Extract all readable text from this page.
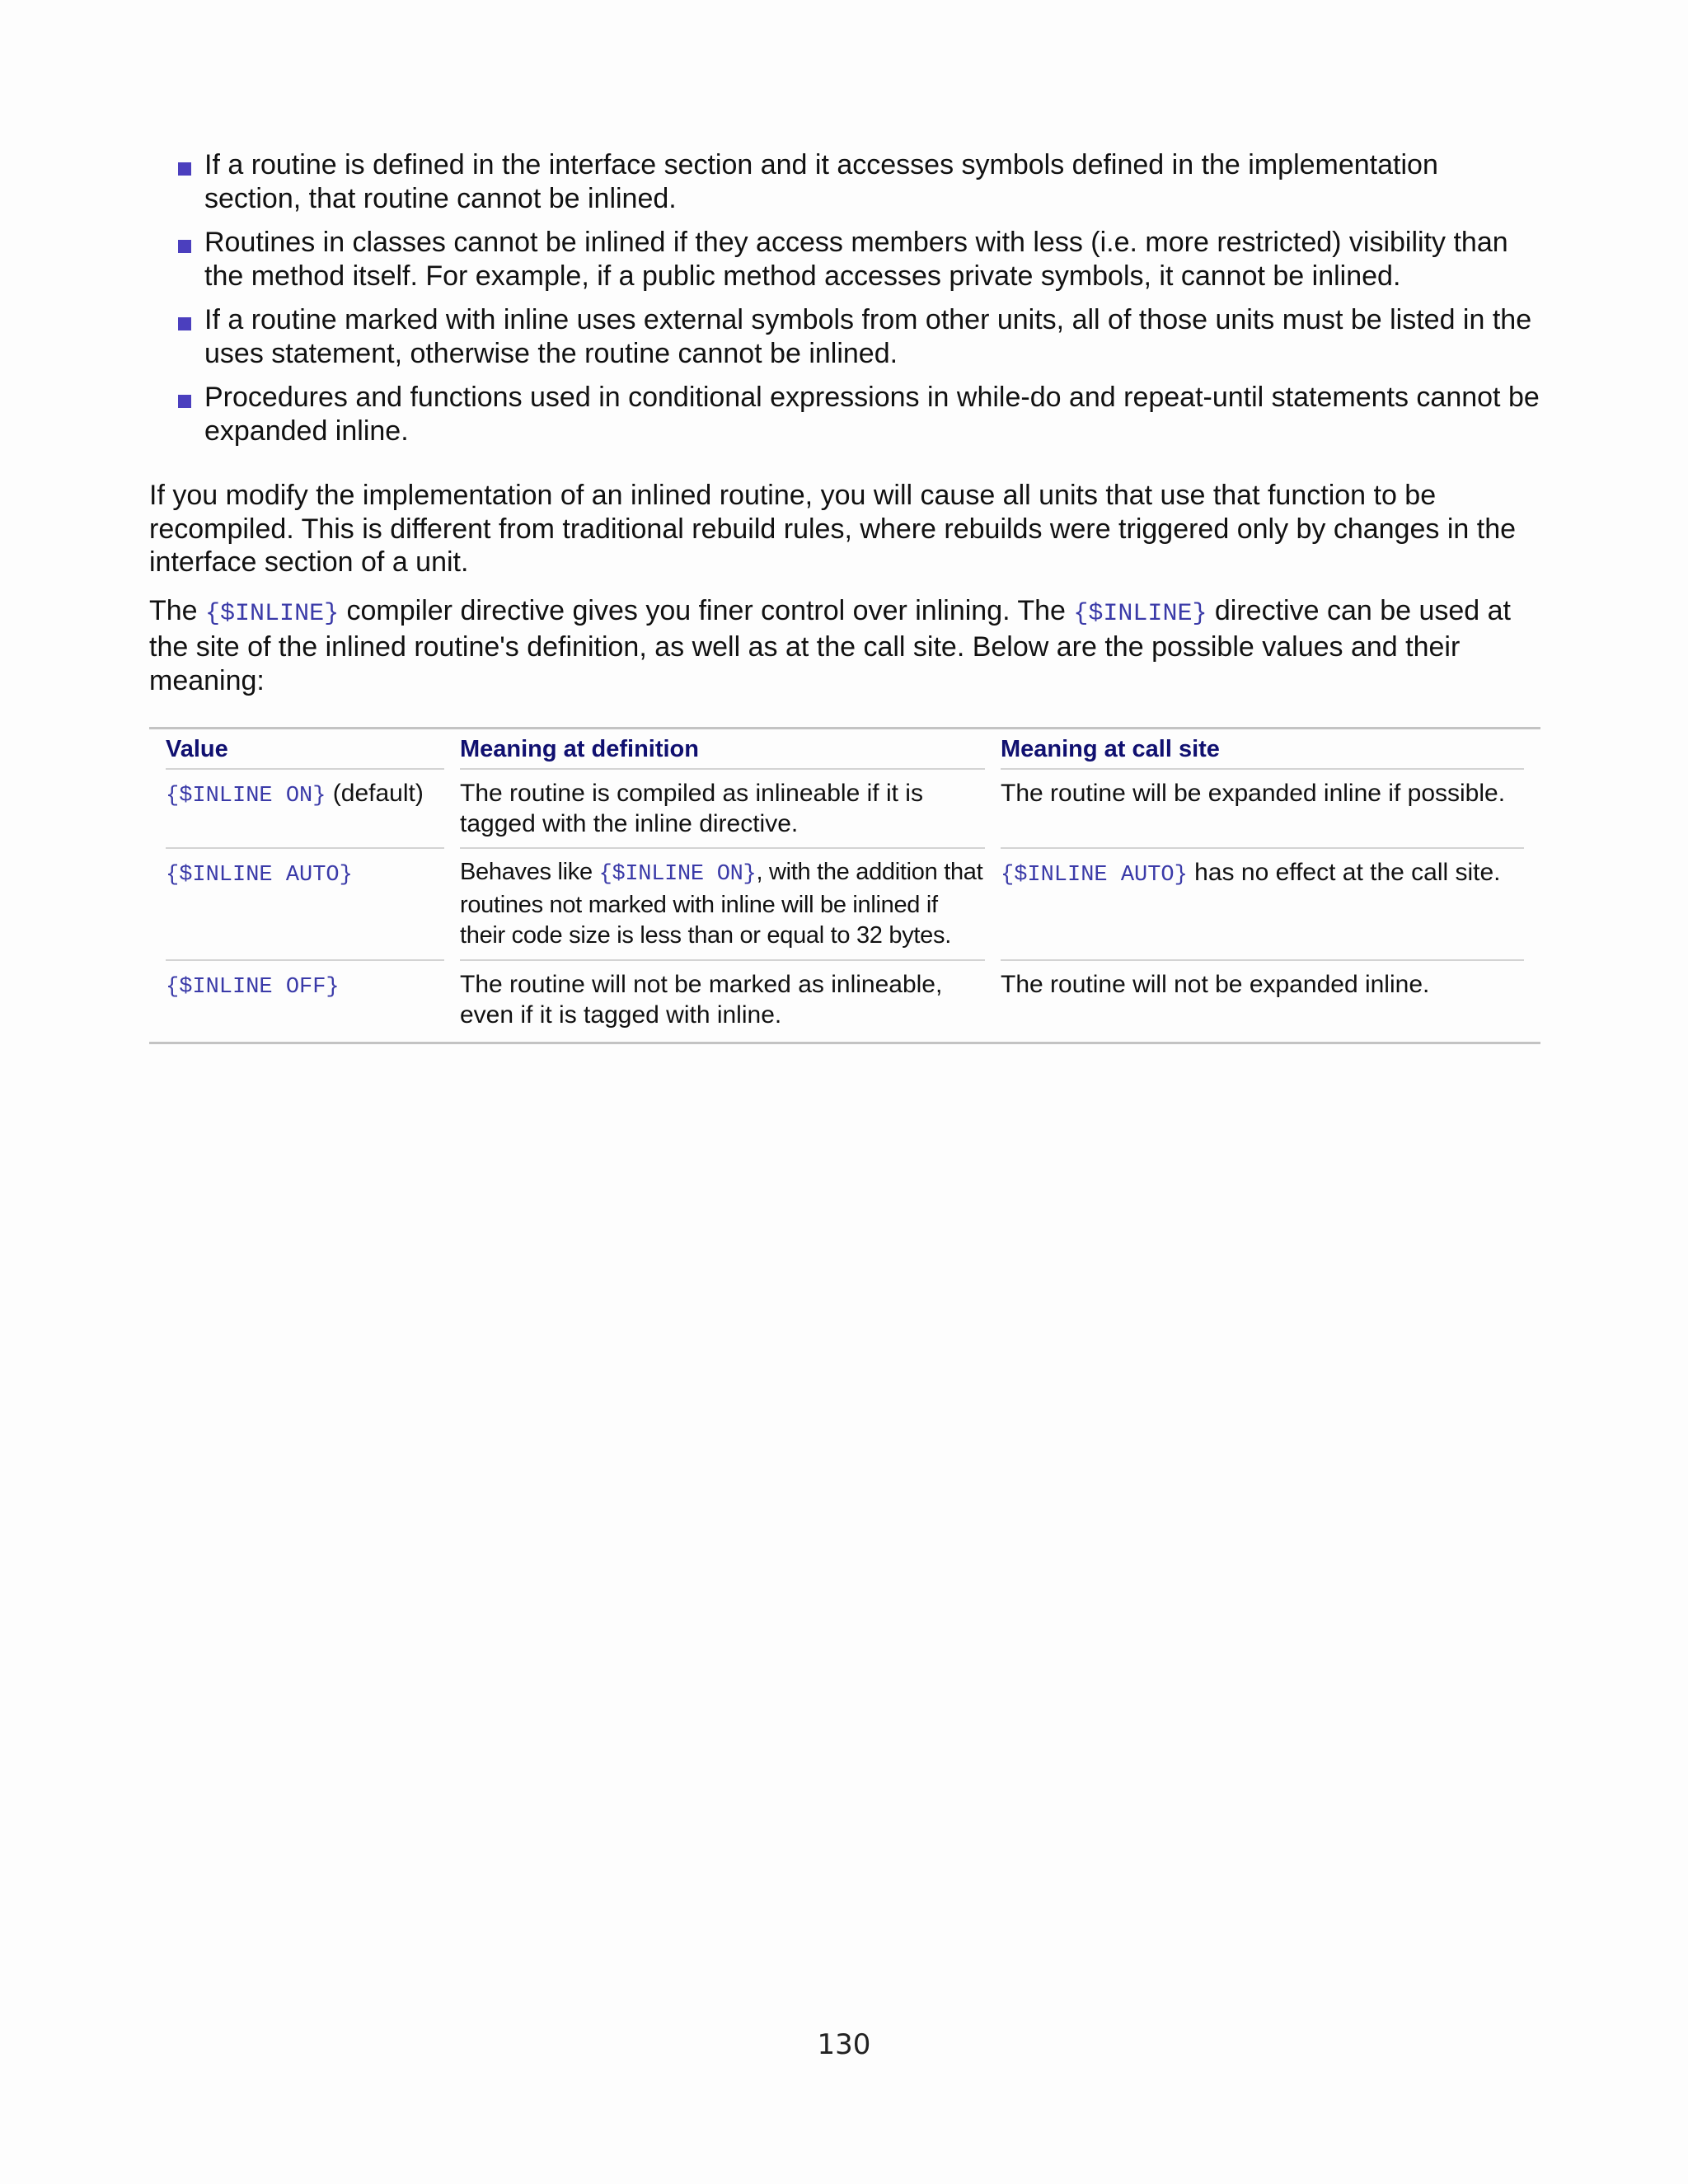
If a routine is defined in the interface section and it accesses symbols defined in the implementation section, that routine cannot be inlined.
Routines in classes cannot be inlined if they access members with less (i.e. more restricted) visibility than the method itself. For example, if a public method accesses private symbols, it cannot be inlined.
If a routine marked with inline uses external symbols from other units, all of those units must be listed in the uses statement, otherwise the routine cannot be inlined.
Procedures and functions used in conditional expressions in while-do and repeat-until statements cannot be expanded inline.

If you modify the implementation of an inlined routine, you will cause all units that use that function to be recompiled. This is different from traditional rebuild rules, where rebuilds were triggered only by changes in the interface section of a unit.

The {$INLINE} compiler directive gives you finer control over inlining. The {$INLINE} directive can be used at the site of the inlined routine's definition, as well as at the call site. Below are the possible values and their meaning:

Value	Meaning at definition	Meaning at call site
{$INLINE ON} (default)	The routine is compiled as inlineable if it is tagged with the inline directive.	The routine will be expanded inline if possible.
{$INLINE AUTO}	Behaves like {$INLINE ON}, with the addition that routines not marked with inline will be inlined if their code size is less than or equal to 32 bytes.	{$INLINE AUTO} has no effect at the call site.
{$INLINE OFF}	The routine will not be marked as inlineable, even if it is tagged with inline.	The routine will not be expanded inline.
130
